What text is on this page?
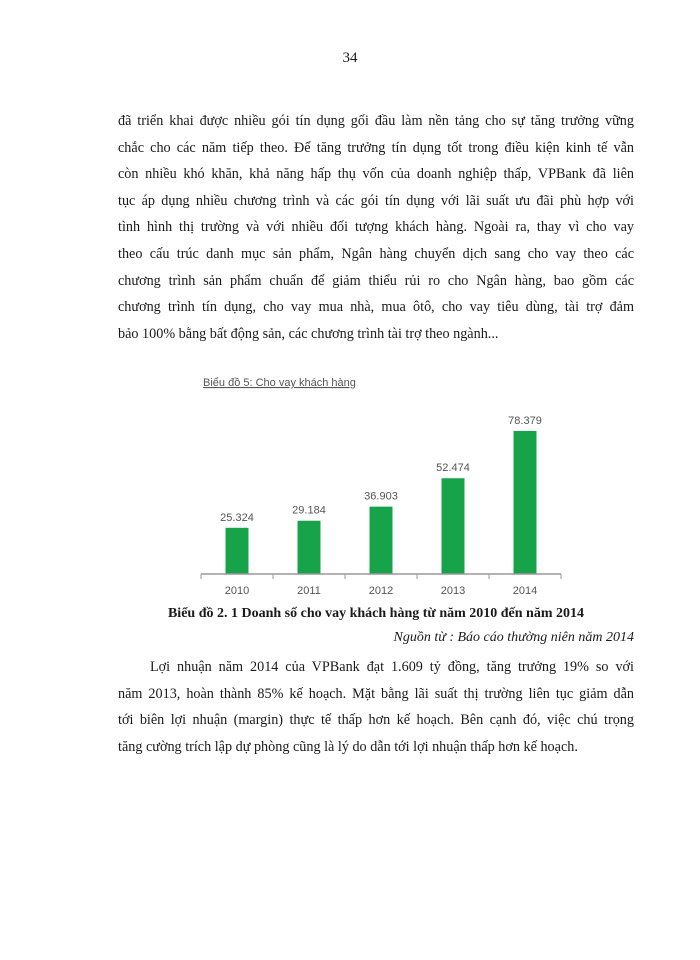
34
đã triển khai được nhiều gói tín dụng gối đầu làm nền tảng cho sự tăng trưởng vững
chắc cho các năm tiếp theo. Để tăng trưởng tín dụng tốt trong điều kiện kinh tế vẫn
còn nhiều khó khăn, khả năng hấp thụ vốn của doanh nghiệp thấp, VPBank đã liên
tục áp dụng nhiều chương trình và các gói tín dụng với lãi suất ưu đãi phù hợp với
tình hình thị trường và với nhiều đối tượng khách hàng. Ngoài ra, thay vì cho vay
theo cấu trúc danh mục sản phẩm, Ngân hàng chuyển dịch sang cho vay theo các
chương trình sản phẩm chuẩn để giảm thiểu rủi ro cho Ngân hàng, bao gồm các
chương trình tín dụng, cho vay mua nhà, mua ôtô, cho vay tiêu dùng, tài trợ đảm
bảo 100% bằng bất động sản, các chương trình tài trợ theo ngành...
Biểu đồ 5: Cho vay khách hàng
25.324
29.184
36.903
52.474
78.379
2010	2011	2012	2013	2014
Biểu đồ 2. 1 Doanh số cho vay khách hàng từ năm 2010 đến năm 2014
Nguồn từ : Báo cáo thường niên năm 2014
Lợi nhuận năm 2014 của VPBank đạt 1.609 tỷ đồng, tăng trưởng 19% so với
năm 2013, hoàn thành 85% kế hoạch. Mặt bằng lãi suất thị trường liên tục giảm dẫn
tới biên lợi nhuận (margin) thực tế thấp hơn kế hoạch. Bên cạnh đó, việc chú trọng
tăng cường trích lập dự phòng cũng là lý do dẫn tới lợi nhuận thấp hơn kế hoạch.
